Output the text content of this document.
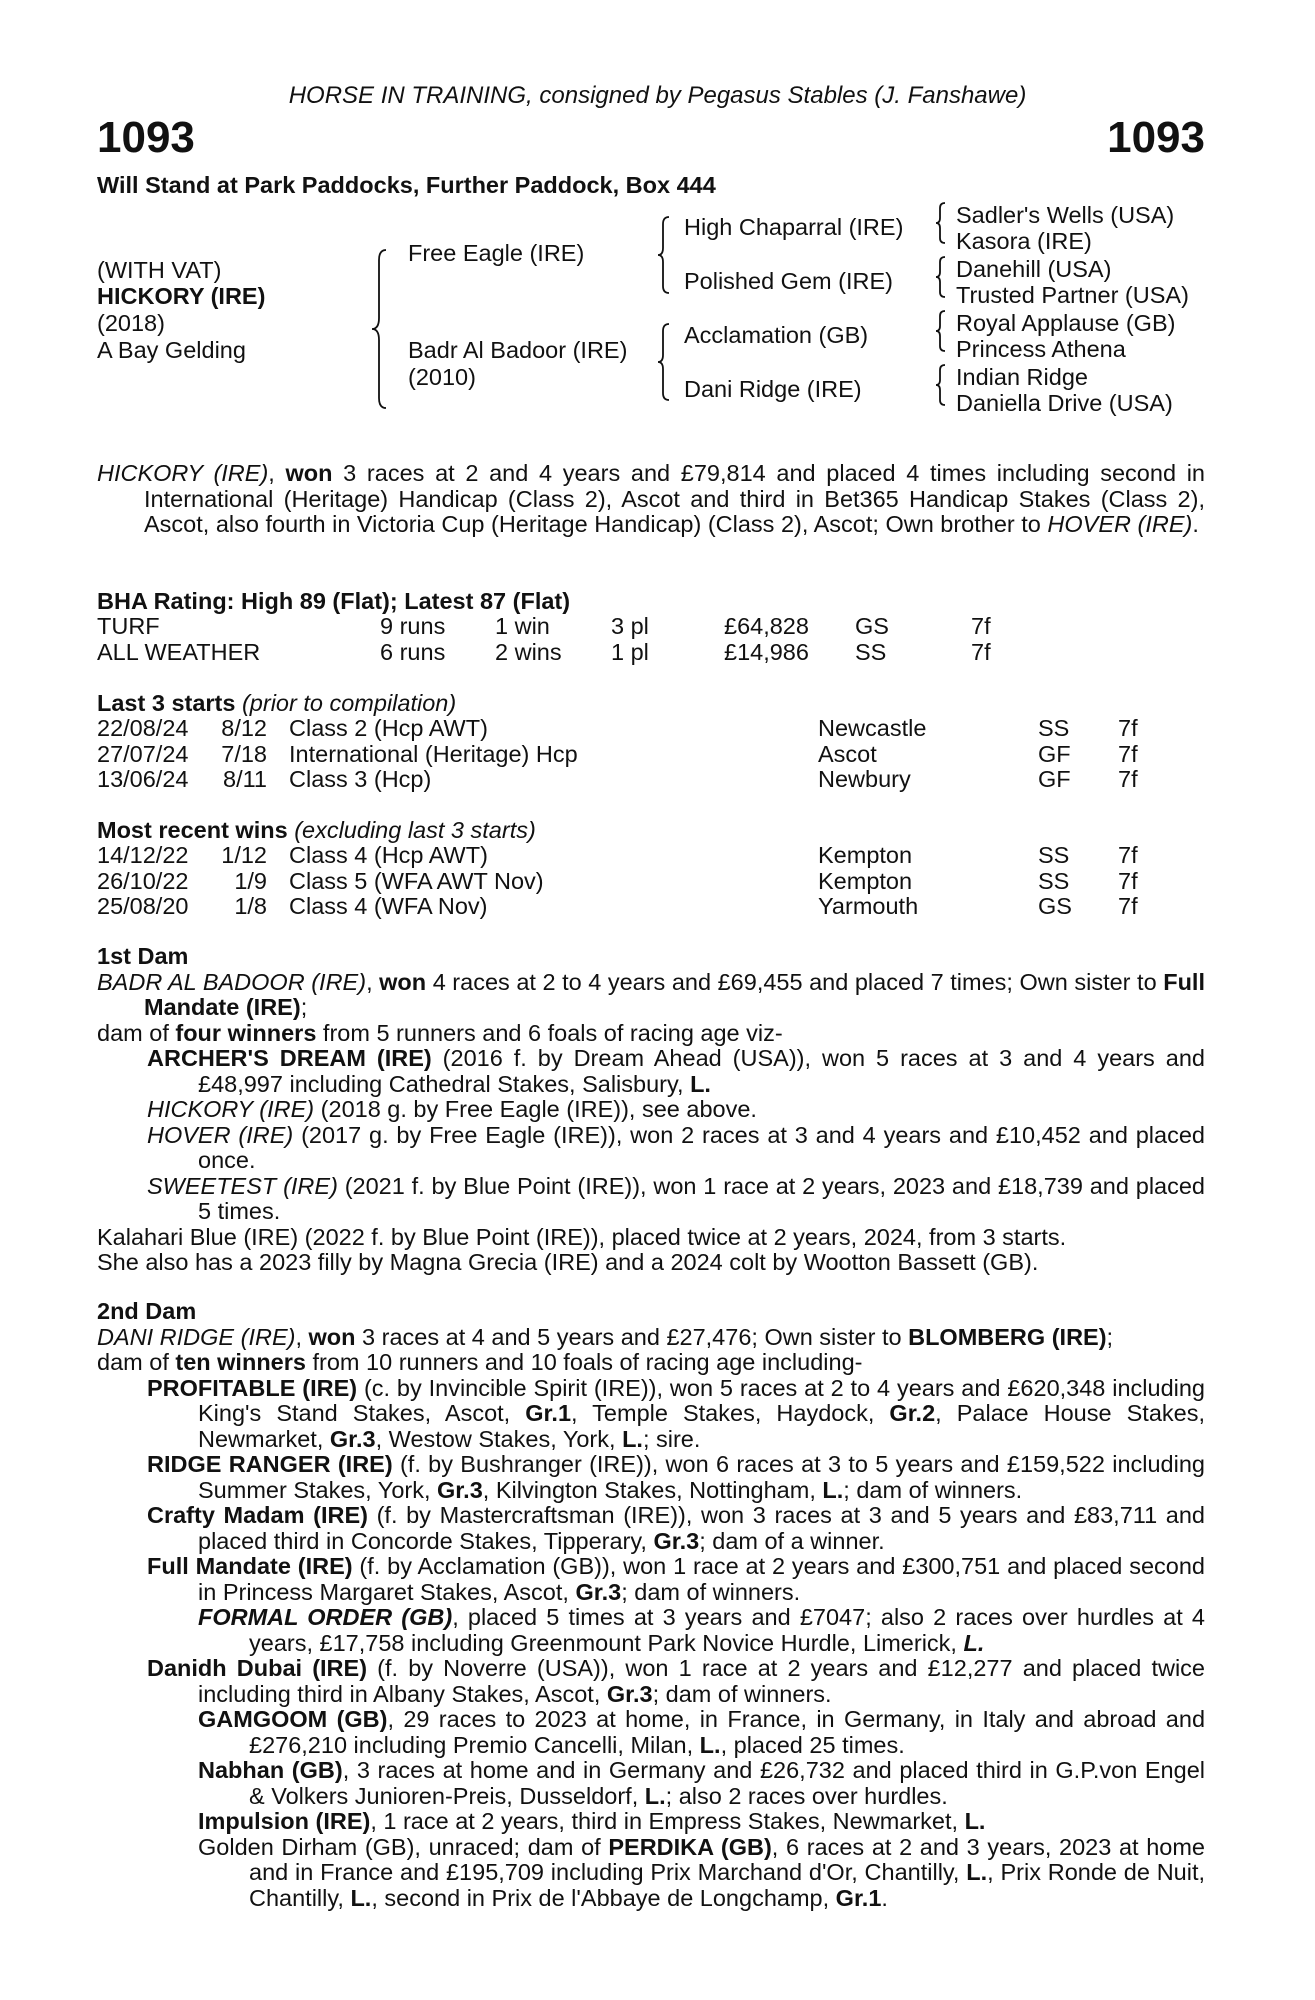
HORSE IN TRAINING, consigned by Pegasus Stables (J. Fanshawe)
1093	1093
Will Stand at Park Paddocks, Further Paddock, Box 444
(WITH VAT)
HICKORY (IRE)
(2018)
A Bay Gelding
Free Eagle (IRE)
Badr Al Badoor (IRE)
(2010)
High Chaparral (IRE)
Polished Gem (IRE)
Acclamation (GB)
Dani Ridge (IRE)
Sadler's Wells (USA)
Kasora (IRE)
Danehill (USA)
Trusted Partner (USA)
Royal Applause (GB)
Princess Athena
Indian Ridge
Daniella Drive (USA)

HICKORY (IRE), won 3 races at 2 and 4 years and £79,814 and placed 4 times including second in International (Heritage) Handicap (Class 2), Ascot and third in Bet365 Handicap Stakes (Class 2), Ascot, also fourth in Victoria Cup (Heritage Handicap) (Class 2), Ascot; Own brother to HOVER (IRE).

BHA Rating: High 89 (Flat); Latest 87 (Flat)
TURF	9 runs 1 win	3 pl	£64,828 GS	7f
ALL WEATHER	6 runs 2 wins 1 pl	£14,986 SS	7f
Last 3 starts (prior to compilation)
22/08/24	8/12 Class 2 (Hcp AWT)	Newcastle	SS 7f
27/07/24	7/18 International (Heritage) Hcp	Ascot	GF 7f
13/06/24	8/11 Class 3 (Hcp)	Newbury	GF 7f
Most recent wins (excluding last 3 starts)
14/12/22	1/12 Class 4 (Hcp AWT)	Kempton	SS 7f
26/10/22	1/9 Class 5 (WFA AWT Nov)	Kempton	SS 7f
25/08/20	1/8 Class 4 (WFA Nov)	Yarmouth	GS 7f

1st Dam

BADR AL BADOOR (IRE), won 4 races at 2 to 4 years and £69,455 and placed 7 times; Own sister to Full Mandate (IRE);

dam of four winners from 5 runners and 6 foals of racing age viz-

ARCHER'S DREAM (IRE) (2016 f. by Dream Ahead (USA)), won 5 races at 3 and 4 years and £48,997 including Cathedral Stakes, Salisbury, L.

HICKORY (IRE) (2018 g. by Free Eagle (IRE)), see above.

HOVER (IRE) (2017 g. by Free Eagle (IRE)), won 2 races at 3 and 4 years and £10,452 and placed once.

SWEETEST (IRE) (2021 f. by Blue Point (IRE)), won 1 race at 2 years, 2023 and £18,739 and placed 5 times.

Kalahari Blue (IRE) (2022 f. by Blue Point (IRE)), placed twice at 2 years, 2024, from 3 starts.

She also has a 2023 filly by Magna Grecia (IRE) and a 2024 colt by Wootton Bassett (GB).

2nd Dam

DANI RIDGE (IRE), won 3 races at 4 and 5 years and £27,476; Own sister to BLOMBERG (IRE);

dam of ten winners from 10 runners and 10 foals of racing age including-

PROFITABLE (IRE) (c. by Invincible Spirit (IRE)), won 5 races at 2 to 4 years and £620,348 including King's Stand Stakes, Ascot, Gr.1, Temple Stakes, Haydock, Gr.2, Palace House Stakes, Newmarket, Gr.3, Westow Stakes, York, L.; sire.

RIDGE RANGER (IRE) (f. by Bushranger (IRE)), won 6 races at 3 to 5 years and £159,522 including Summer Stakes, York, Gr.3, Kilvington Stakes, Nottingham, L.; dam of winners.

Crafty Madam (IRE) (f. by Mastercraftsman (IRE)), won 3 races at 3 and 5 years and £83,711 and placed third in Concorde Stakes, Tipperary, Gr.3; dam of a winner.

Full Mandate (IRE) (f. by Acclamation (GB)), won 1 race at 2 years and £300,751 and placed second in Princess Margaret Stakes, Ascot, Gr.3; dam of winners.

FORMAL ORDER (GB), placed 5 times at 3 years and £7047; also 2 races over hurdles at 4 years, £17,758 including Greenmount Park Novice Hurdle, Limerick, L.

Danidh Dubai (IRE) (f. by Noverre (USA)), won 1 race at 2 years and £12,277 and placed twice including third in Albany Stakes, Ascot, Gr.3; dam of winners.

GAMGOOM (GB), 29 races to 2023 at home, in France, in Germany, in Italy and abroad and £276,210 including Premio Cancelli, Milan, L., placed 25 times.

Nabhan (GB), 3 races at home and in Germany and £26,732 and placed third in G.P.von Engel & Volkers Junioren-Preis, Dusseldorf, L.; also 2 races over hurdles.

Impulsion (IRE), 1 race at 2 years, third in Empress Stakes, Newmarket, L.

Golden Dirham (GB), unraced; dam of PERDIKA (GB), 6 races at 2 and 3 years, 2023 at home and in France and £195,709 including Prix Marchand d'Or, Chantilly, L., Prix Ronde de Nuit, Chantilly, L., second in Prix de l'Abbaye de Longchamp, Gr.1.
